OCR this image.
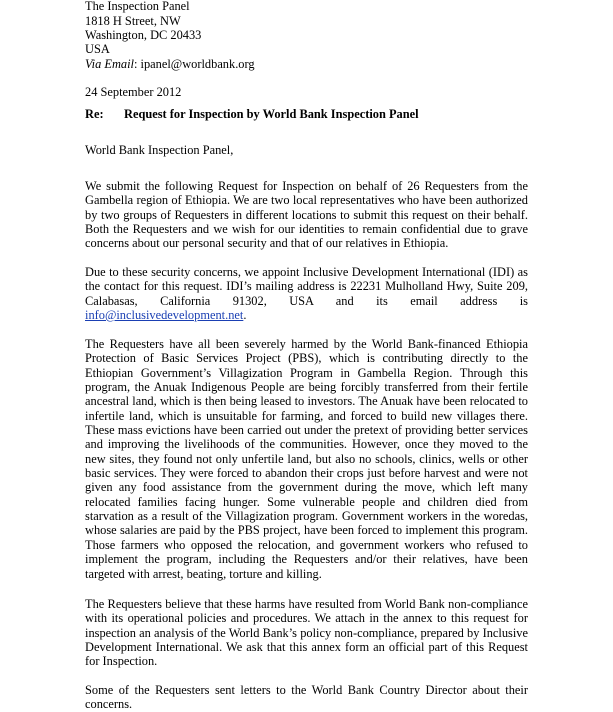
The Inspection Panel
1818 H Street, NW
Washington, DC 20433
USA
Via Email: ipanel@worldbank.org
24 September 2012
Re: Request for Inspection by World Bank Inspection Panel
World Bank Inspection Panel,
We submit the following Request for Inspection on behalf of 26 Requesters from the Gambella region of Ethiopia. We are two local representatives who have been authorized by two groups of Requesters in different locations to submit this request on their behalf. Both the Requesters and we wish for our identities to remain confidential due to grave concerns about our personal security and that of our relatives in Ethiopia.
Due to these security concerns, we appoint Inclusive Development International (IDI) as the contact for this request. IDI’s mailing address is 22231 Mulholland Hwy, Suite 209, Calabasas, California 91302, USA and its email address is info@inclusivedevelopment.net.
The Requesters have all been severely harmed by the World Bank-financed Ethiopia Protection of Basic Services Project (PBS), which is contributing directly to the Ethiopian Government’s Villagization Program in Gambella Region. Through this program, the Anuak Indigenous People are being forcibly transferred from their fertile ancestral land, which is then being leased to investors. The Anuak have been relocated to infertile land, which is unsuitable for farming, and forced to build new villages there. These mass evictions have been carried out under the pretext of providing better services and improving the livelihoods of the communities. However, once they moved to the new sites, they found not only unfertile land, but also no schools, clinics, wells or other basic services. They were forced to abandon their crops just before harvest and were not given any food assistance from the government during the move, which left many relocated families facing hunger. Some vulnerable people and children died from starvation as a result of the Villagization program. Government workers in the woredas, whose salaries are paid by the PBS project, have been forced to implement this program. Those farmers who opposed the relocation, and government workers who refused to implement the program, including the Requesters and/or their relatives, have been targeted with arrest, beating, torture and killing.
The Requesters believe that these harms have resulted from World Bank non-compliance with its operational policies and procedures. We attach in the annex to this request for inspection an analysis of the World Bank’s policy non-compliance, prepared by Inclusive Development International. We ask that this annex form an official part of this Request for Inspection.
Some of the Requesters sent letters to the World Bank Country Director about their concerns.
